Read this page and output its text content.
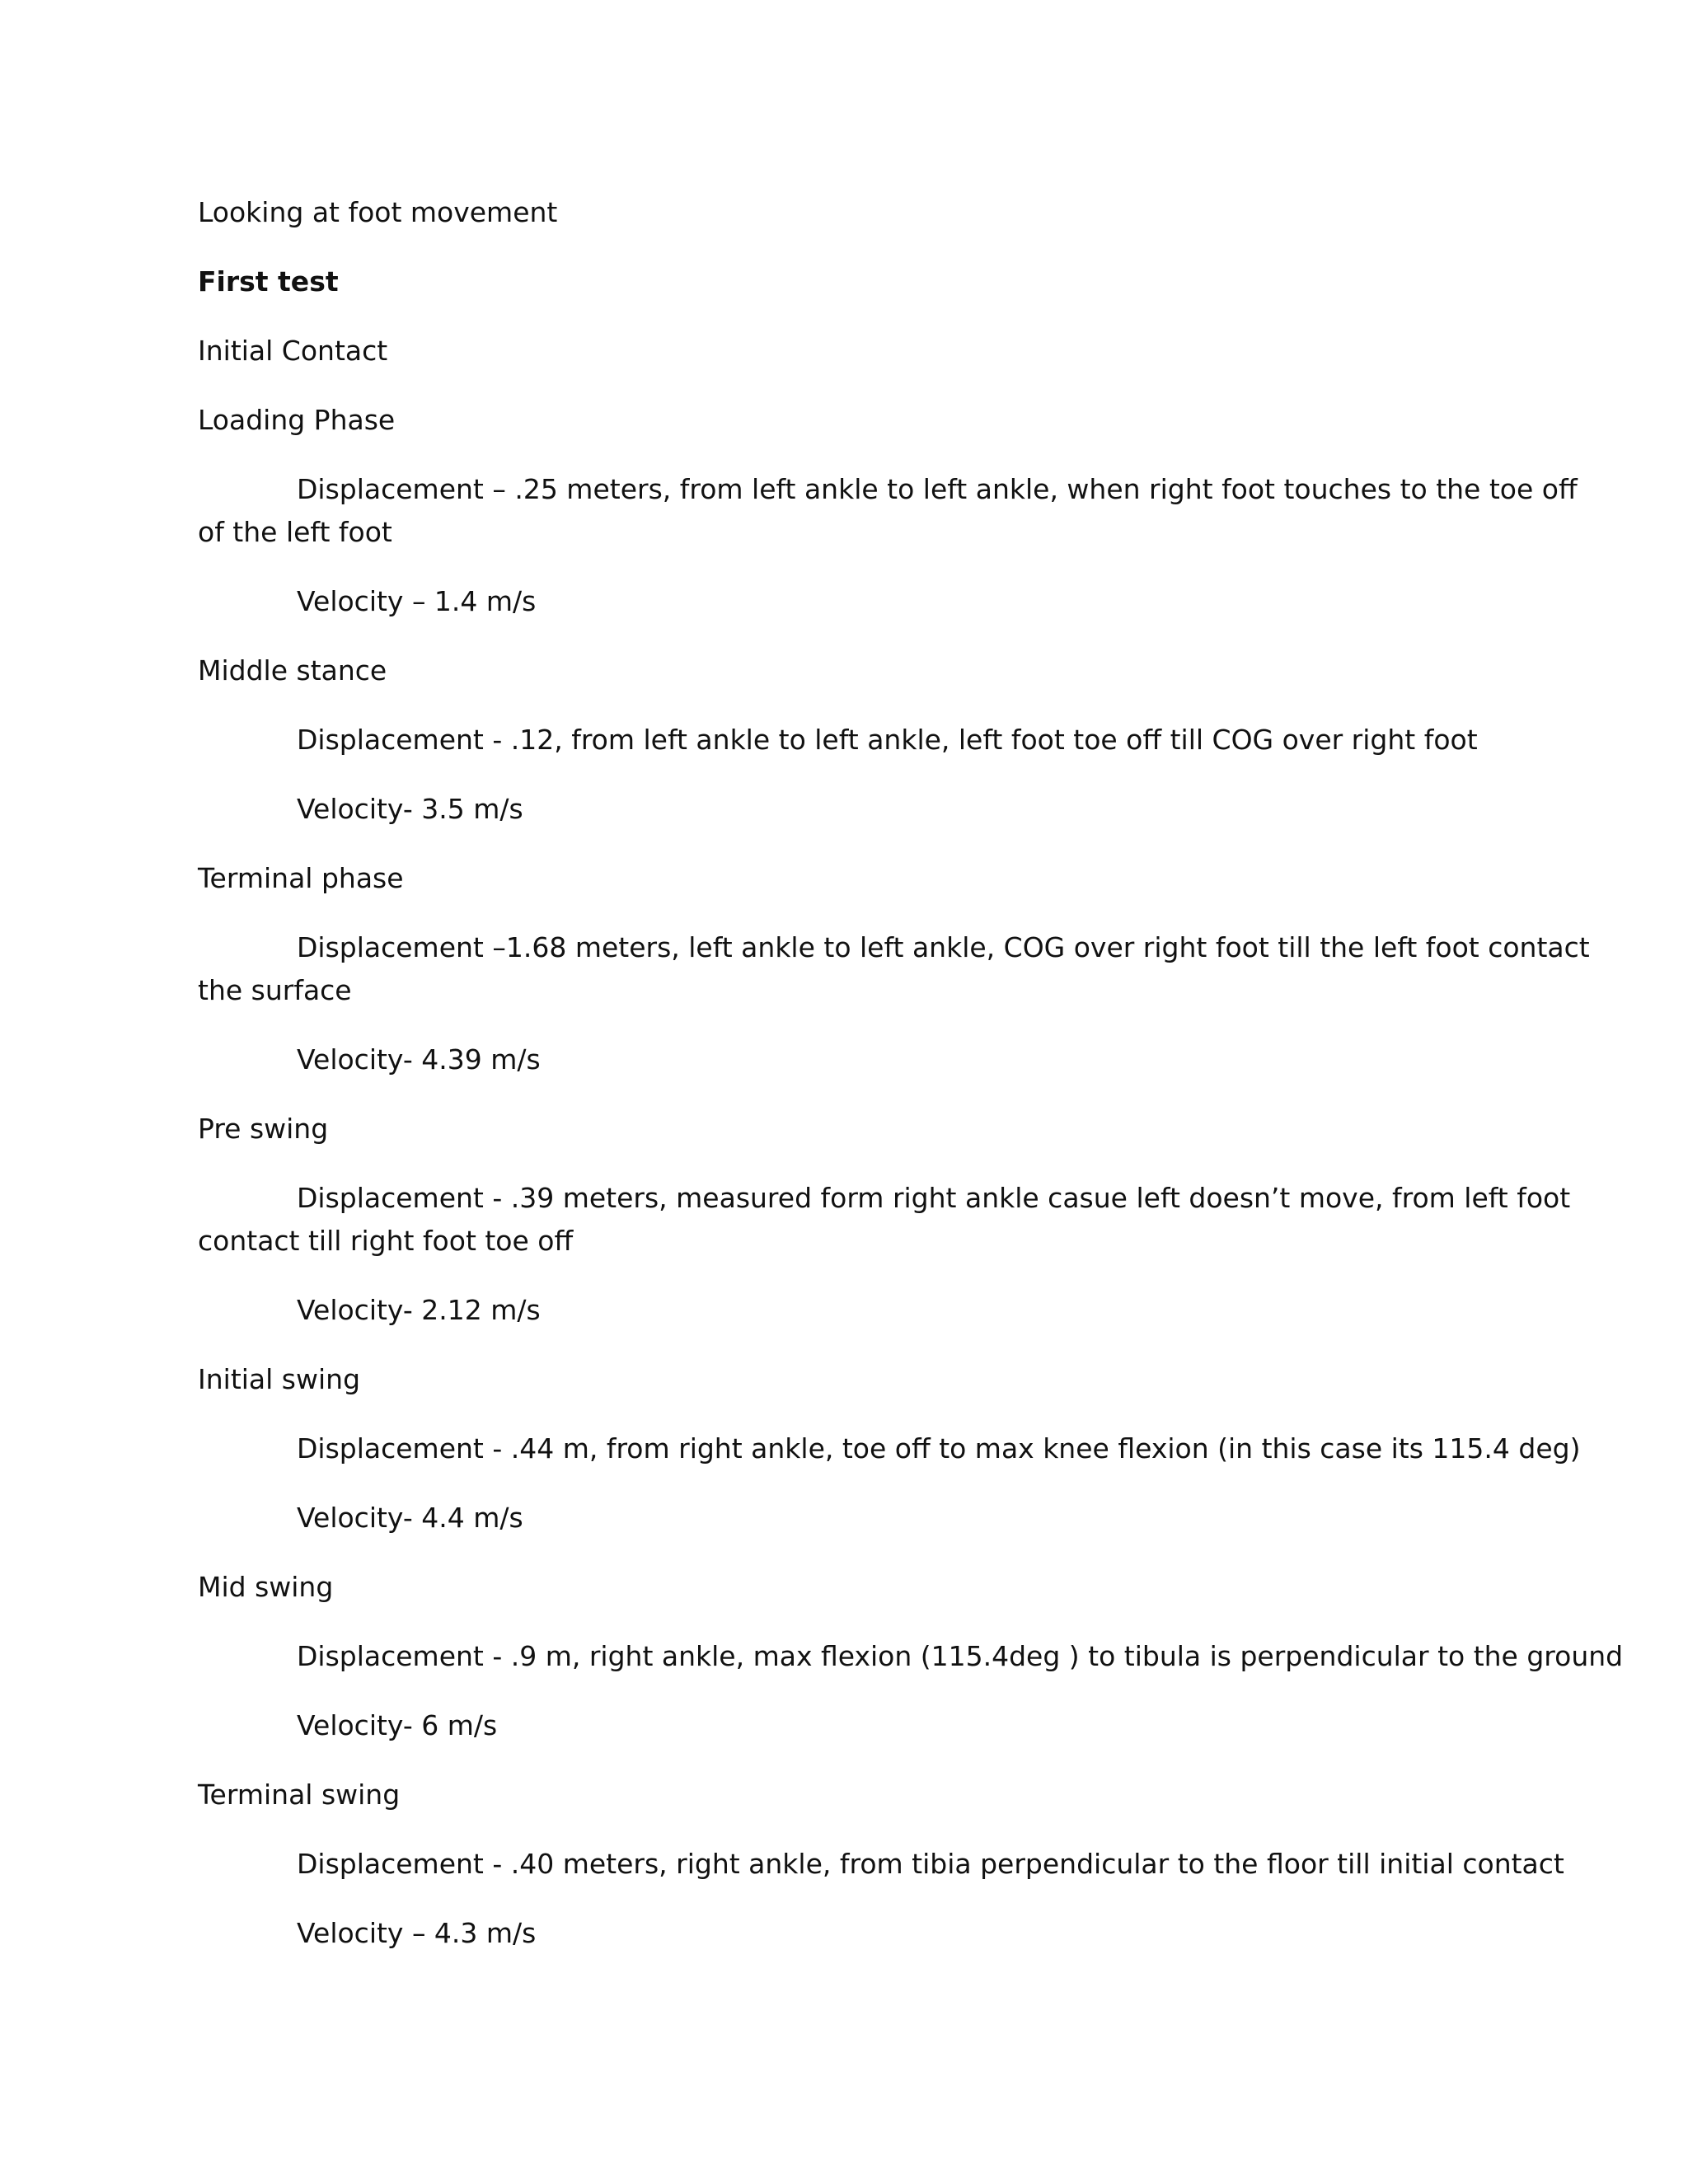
Looking at foot movement
First test
Initial Contact
Loading Phase
Displacement – .25 meters, from left ankle to left ankle, when right foot touches to the toe off
of the left foot
Velocity – 1.4 m/s
Middle stance
Displacement - .12, from left ankle to left ankle, left foot toe off till COG over right foot
Velocity- 3.5 m/s
Terminal phase
Displacement –1.68 meters, left ankle to left ankle, COG over right foot till the left foot contact
the surface
Velocity- 4.39 m/s
Pre swing
Displacement - .39 meters, measured form right ankle casue left doesn’t move, from left foot
contact till right foot toe off
Velocity- 2.12 m/s
Initial swing
Displacement - .44 m, from right ankle, toe off to max knee flexion (in this case its 115.4 deg)
Velocity- 4.4 m/s
Mid swing
Displacement - .9 m, right ankle, max flexion (115.4deg ) to tibula is perpendicular to the ground
Velocity- 6 m/s
Terminal swing
Displacement - .40 meters, right ankle, from tibia perpendicular to the floor till initial contact
Velocity – 4.3 m/s
